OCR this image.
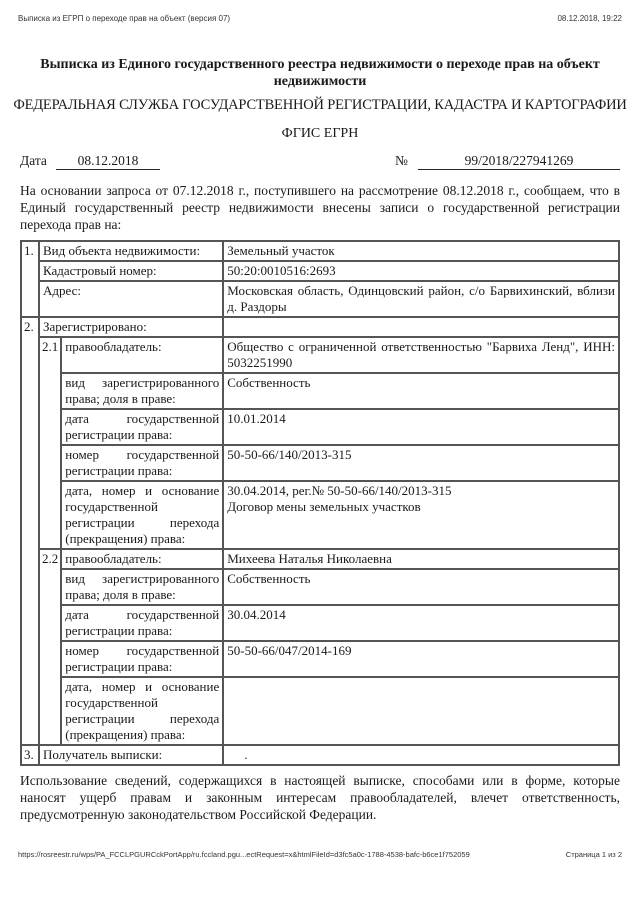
Выписка из ЕГРП о переходе прав на объект (версия 07)	08.12.2018, 19:22
Выписка из Единого государственного реестра недвижимости о переходе прав на объект недвижимости
ФЕДЕРАЛЬНАЯ СЛУЖБА ГОСУДАРСТВЕННОЙ РЕГИСТРАЦИИ, КАДАСТРА И КАРТОГРАФИИ
ФГИС ЕГРН
Дата	08.12.2018	№	99/2018/227941269
На основании запроса от 07.12.2018 г., поступившего на рассмотрение 08.12.2018 г., сообщаем, что в Единый государственный реестр недвижимости внесены записи о государственной регистрации перехода прав на:
1.	Вид объекта недвижимости:		Земельный участок
	Кадастровый номер:		50:20:0010516:2693
	Адрес:		Московская область, Одинцовский район, с/о Барвихинский, вблизи д. Раздоры
2.	Зарегистрировано:		
	2.1	правообладатель:	Общество с ограниченной ответственностью "Барвиха Ленд", ИНН: 5032251990
		вид зарегистрированного права; доля в праве:	Собственность
		дата государственной регистрации права:	10.01.2014
		номер государственной регистрации права:	50-50-66/140/2013-315
		дата, номер и основание государственной регистрации перехода (прекращения) права:	30.04.2014, рег.№ 50-50-66/140/2013-315
Договор мены земельных участков

	2.2	правообладатель:	Михеева Наталья Николаевна
		вид зарегистрированного права; доля в праве:	Собственность
		дата государственной регистрации права:	30.04.2014
		номер государственной регистрации права:	50-50-66/047/2014-169
		дата, номер и основание государственной регистрации перехода (прекращения) права:	

3.	Получатель выписки:		.
Использование сведений, содержащихся в настоящей выписке, способами или в форме, которые наносят ущерб правам и законным интересам правообладателей, влечет ответственность, предусмотренную законодательством Российской Федерации.
https://rosreestr.ru/wps/PA_FCCLPGURCckPortApp/ru.fccland.pgu...ectRequest=x&htmlFileId=d3fc5a0c-1788-4538-bafc-b6ce1f752059	Страница 1 из 2
